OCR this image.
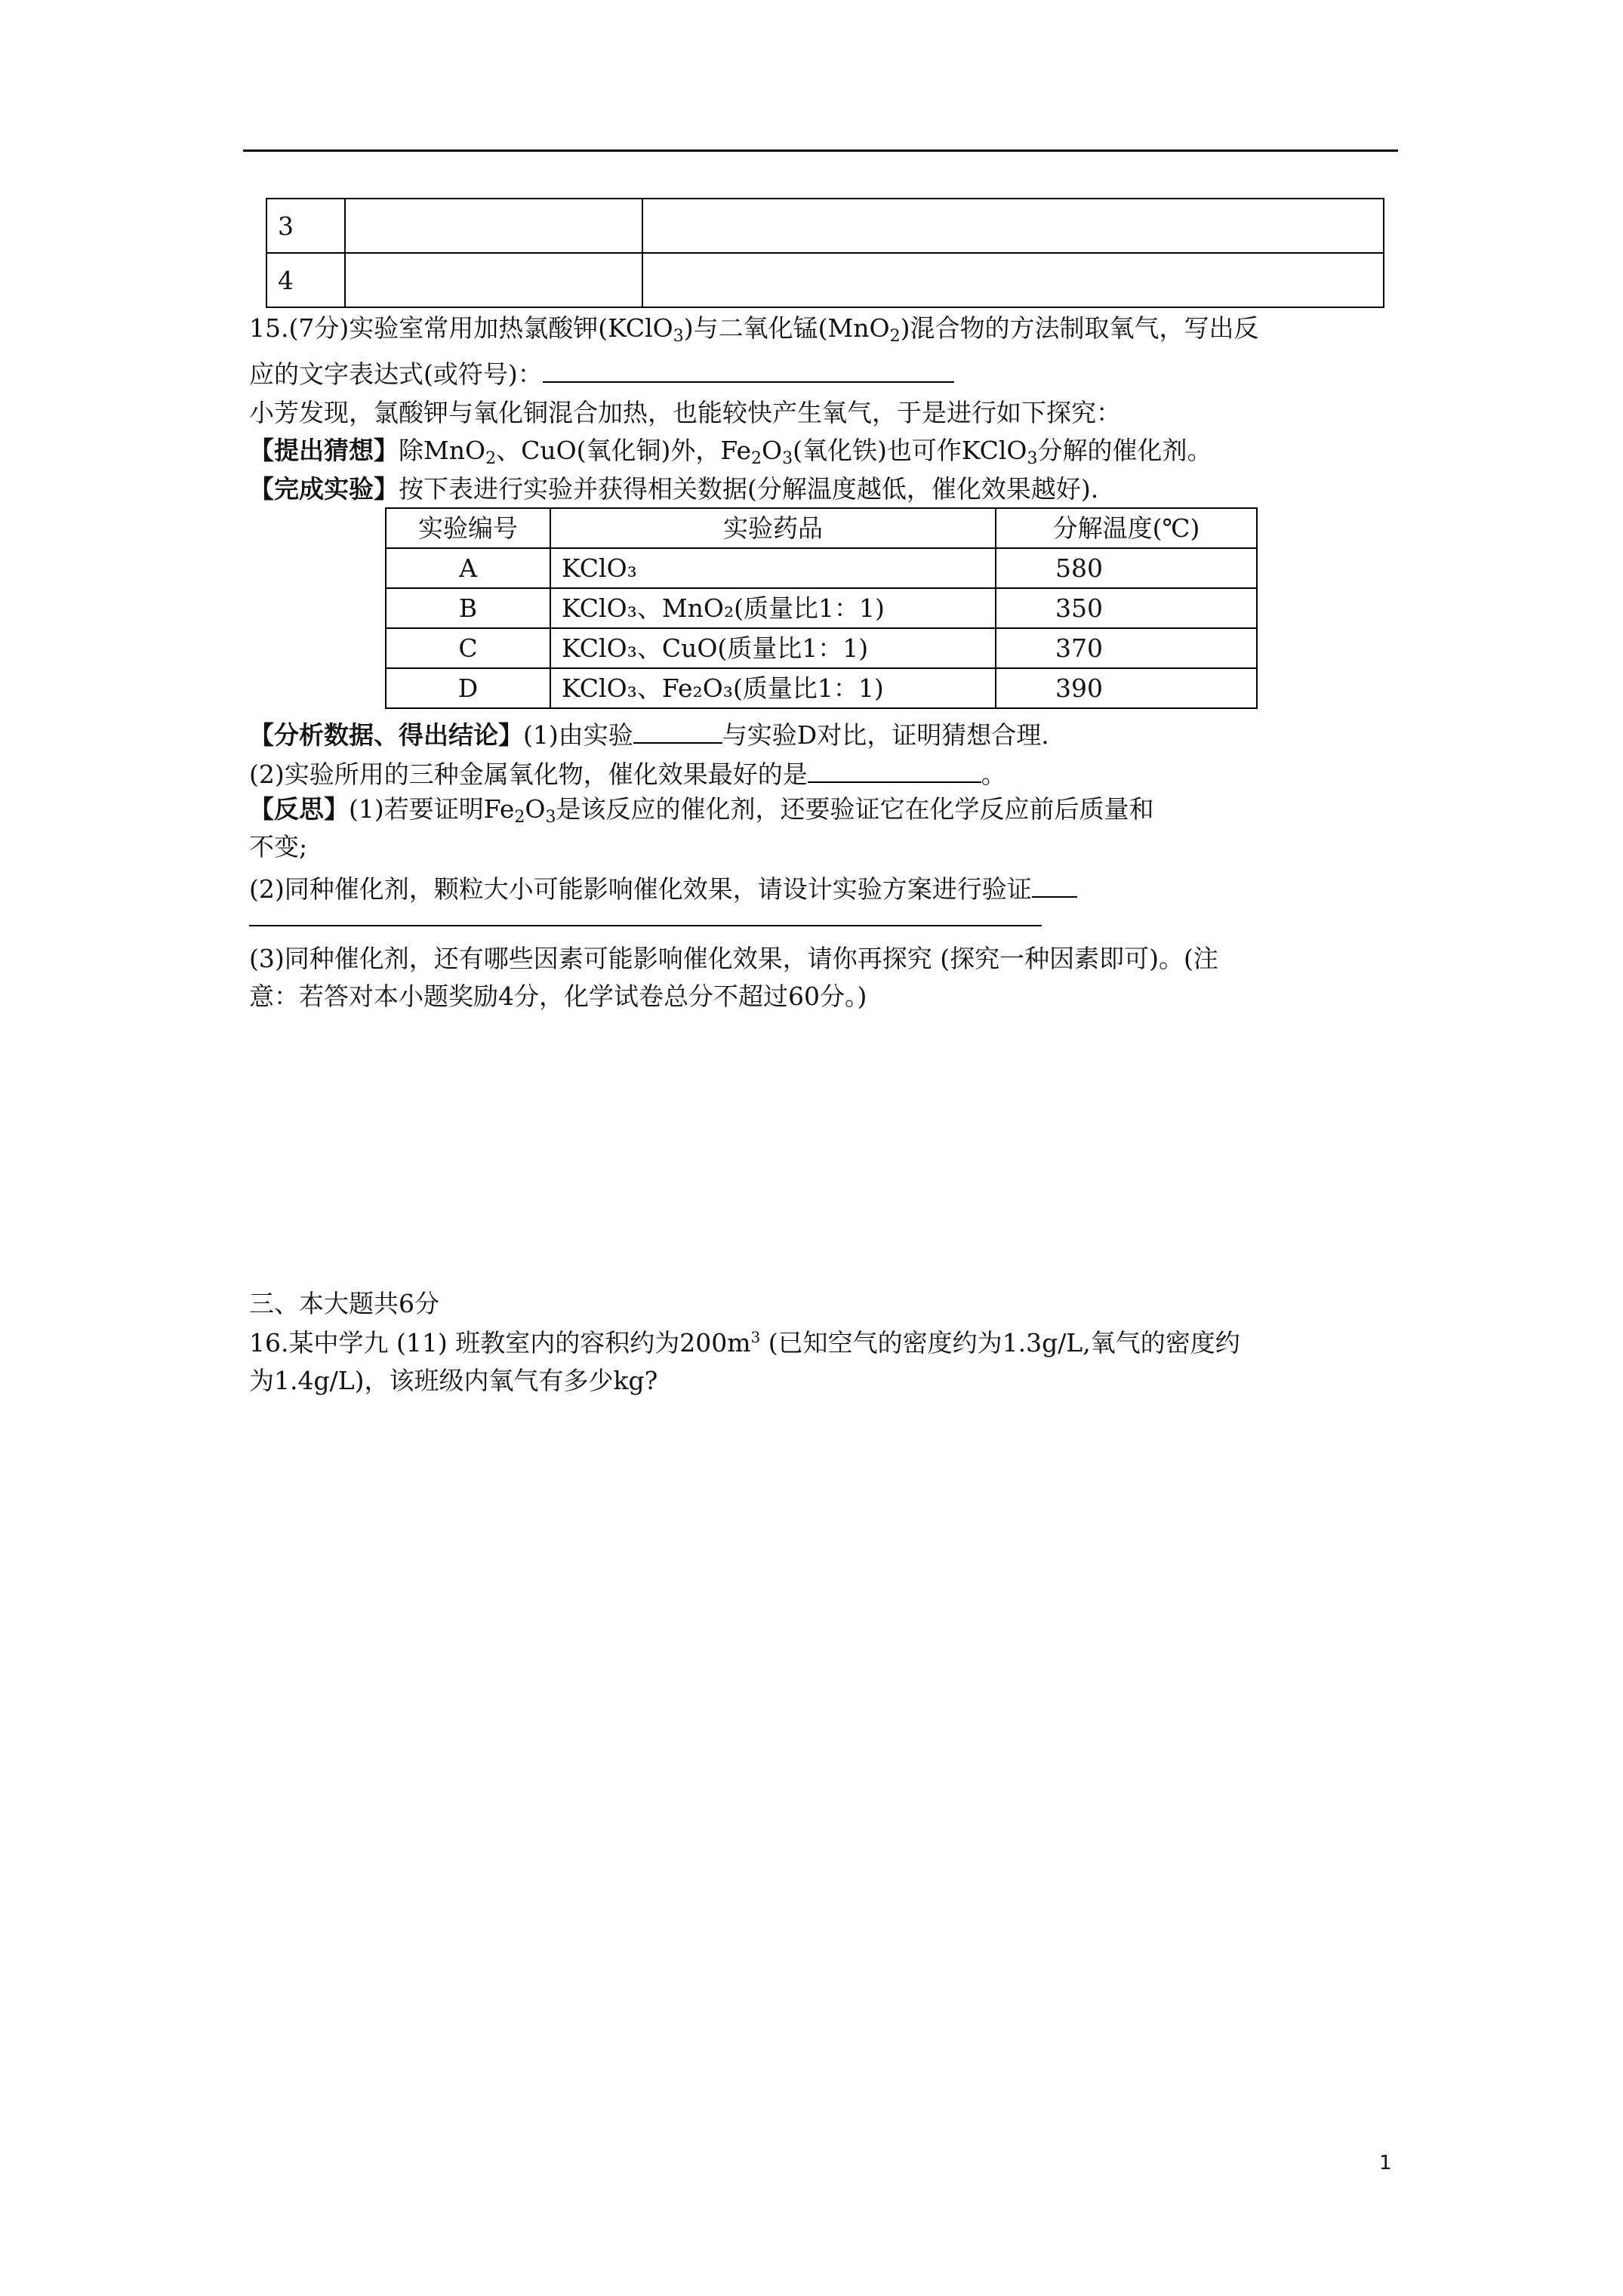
3		
4		
15.(7分)实验室常用加热氯酸钾(KClO$_3$)与二氧化锰(MnO$_2$)混合物的方法制取氧气，写出反
应的文字表达式(或符号)：
小芳发现，氯酸钾与氧化铜混合加热，也能较快产生氧气，于是进行如下探究：
【提出猜想】除MnO$_2$、CuO(氧化铜)外，$Fe_2O_3$(氧化铁)也可作KClO$_3$分解的催化剂。
【完成实验】按下表进行实验并获得相关数据(分解温度越低，催化效果越好).
实验编号	实验药品	分解温度(℃)
A	KClO₃	580
B	KClO₃、MnO₂(质量比1：1)	350
C	KClO₃、CuO(质量比1：1)	370
D	KClO₃、Fe₂O₃(质量比1：1)	390
【分析数据、得出结论】(1)由实验	与实验D对比，证明猜想合理.
(2)实验所用的三种金属氧化物，催化效果最好的是	。
【反思】(1)若要证明$Fe_2O_3$是该反应的催化剂，还要验证它在化学反应前后质量和
不变;
(2)同种催化剂，颗粒大小可能影响催化效果，请设计实验方案进行验证
(3)同种催化剂，还有哪些因素可能影响催化效果，请你再探究 (探究一种因素即可)。(注
意：若答对本小题奖励4分，化学试卷总分不超过60分。)
三、本大题共6分
16.某中学九 (11) 班教室内的容积约为$200m^3$ (已知空气的密度约为1.3g/L,氧气的密度约
为1.4g/L)，该班级内氧气有多少kg?
1
